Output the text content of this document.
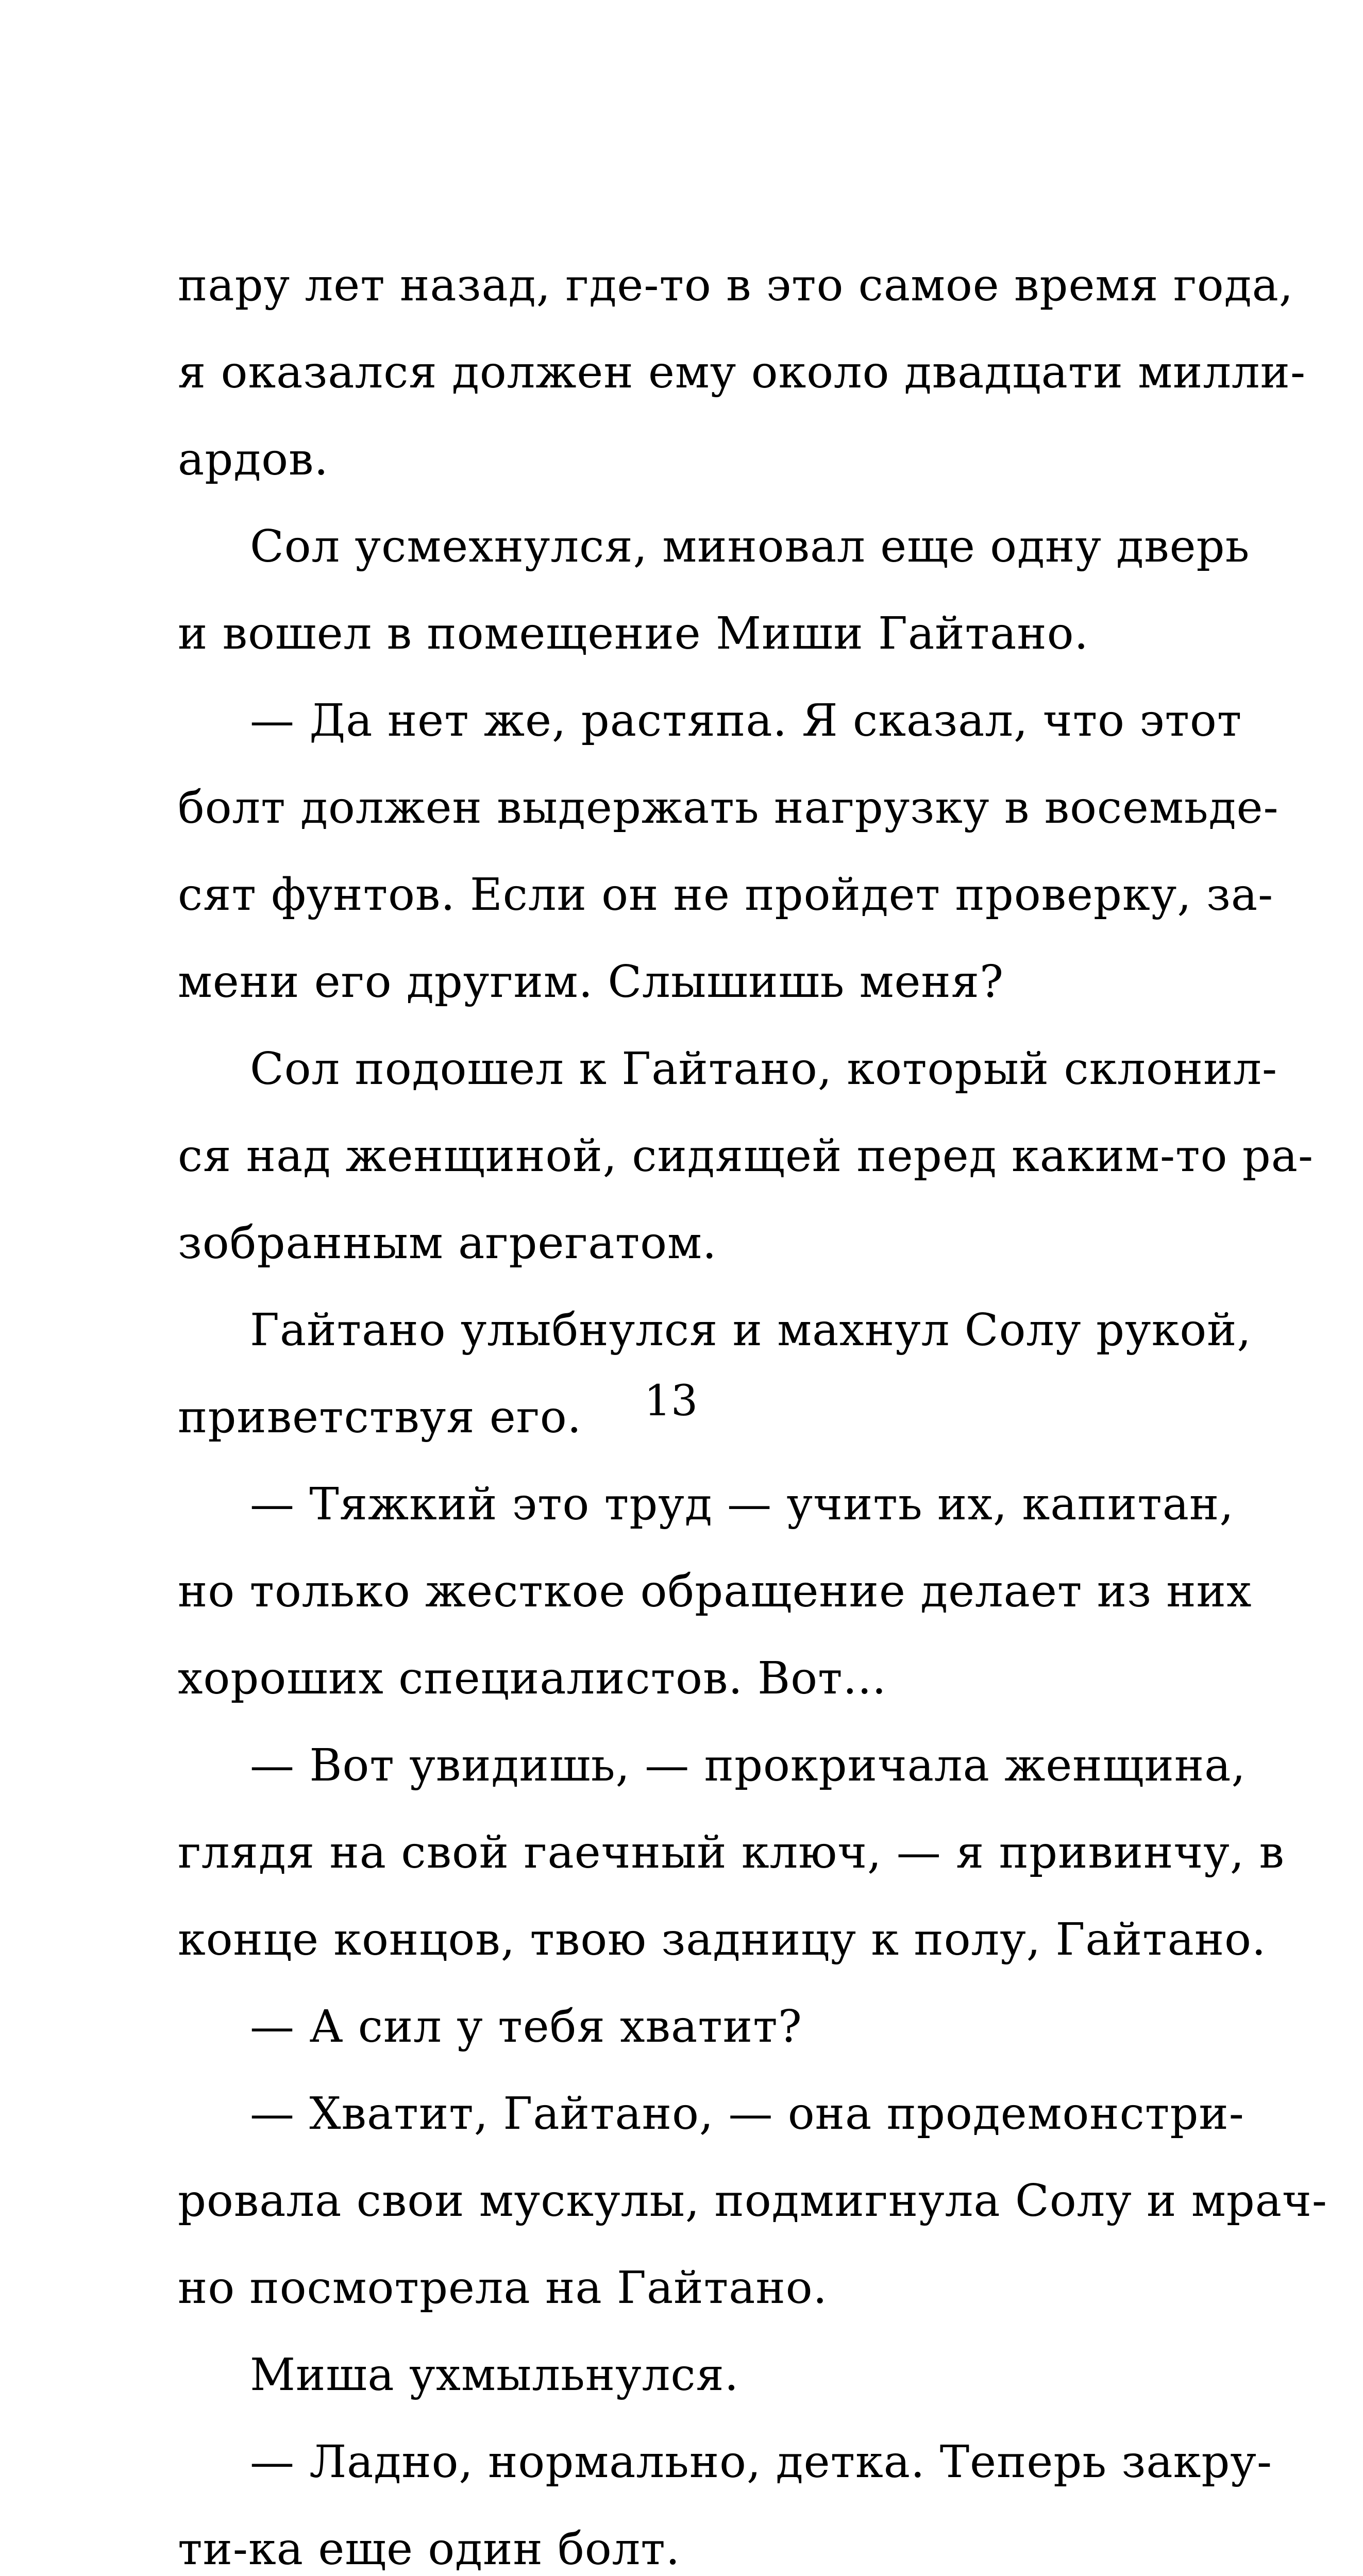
пару лет назад, где-то в это самое время года,
я оказался должен ему около двадцати милли-
ардов.
Сол усмехнулся, миновал еще одну дверь
и вошел в помещение Миши Гайтано.
— Да нет же, растяпа. Я сказал, что этот
болт должен выдержать нагрузку в восемьде-
сят фунтов. Если он не пройдет проверку, за-
мени его другим. Слышишь меня?
Сол подошел к Гайтано, который склонил-
ся над женщиной, сидящей перед каким-то ра-
зобранным агрегатом.
Гайтано улыбнулся и махнул Солу рукой,
приветствуя его.
— Тяжкий это труд — учить их, капитан,
но только жесткое обращение делает из них
хороших специалистов. Вот...
— Вот увидишь, — прокричала женщина,
глядя на свой гаечный ключ, — я привинчу, в
конце концов, твою задницу к полу, Гайтано.
— А сил у тебя хватит?
— Хватит, Гайтано, — она продемонстри-
ровала свои мускулы, подмигнула Солу и мрач-
но посмотрела на Гайтано.
Миша ухмыльнулся.
— Ладно, нормально, детка. Теперь закру-
ти-ка еще один болт.
13
